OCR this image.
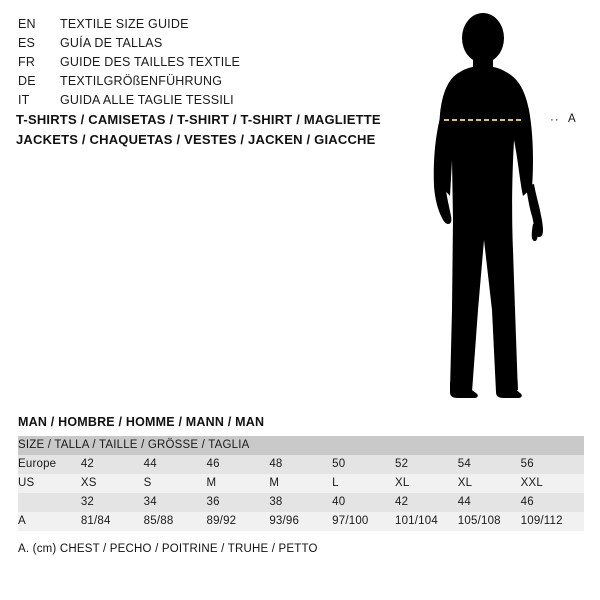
EN	TEXTILE SIZE GUIDE
ES	GUÍA DE TALLAS
FR	GUIDE DES TAILLES TEXTILE
DE	TEXTILGRÖßENFÜHRUNG
IT	GUIDA ALLE TAGLIE TESSILI
T-SHIRTS / CAMISETAS / T-SHIRT / T-SHIRT / MAGLIETTE
JACKETS / CHAQUETAS / VESTES / JACKEN / GIACCHE
·· A
MAN / HOMBRE / HOMME / MANN / MAN
SIZE / TALLA / TAILLE / GRÖSSE / TAGLIA								
Europe	42	44	46	48	50	52	54	56
US	XS	S	M	M	L	XL	XL	XXL
	32	34	36	38	40	42	44	46
A	81/84	85/88	89/92	93/96	97/100	101/104	105/108	109/112
A. (cm) CHEST / PECHO / POITRINE / TRUHE / PETTO
